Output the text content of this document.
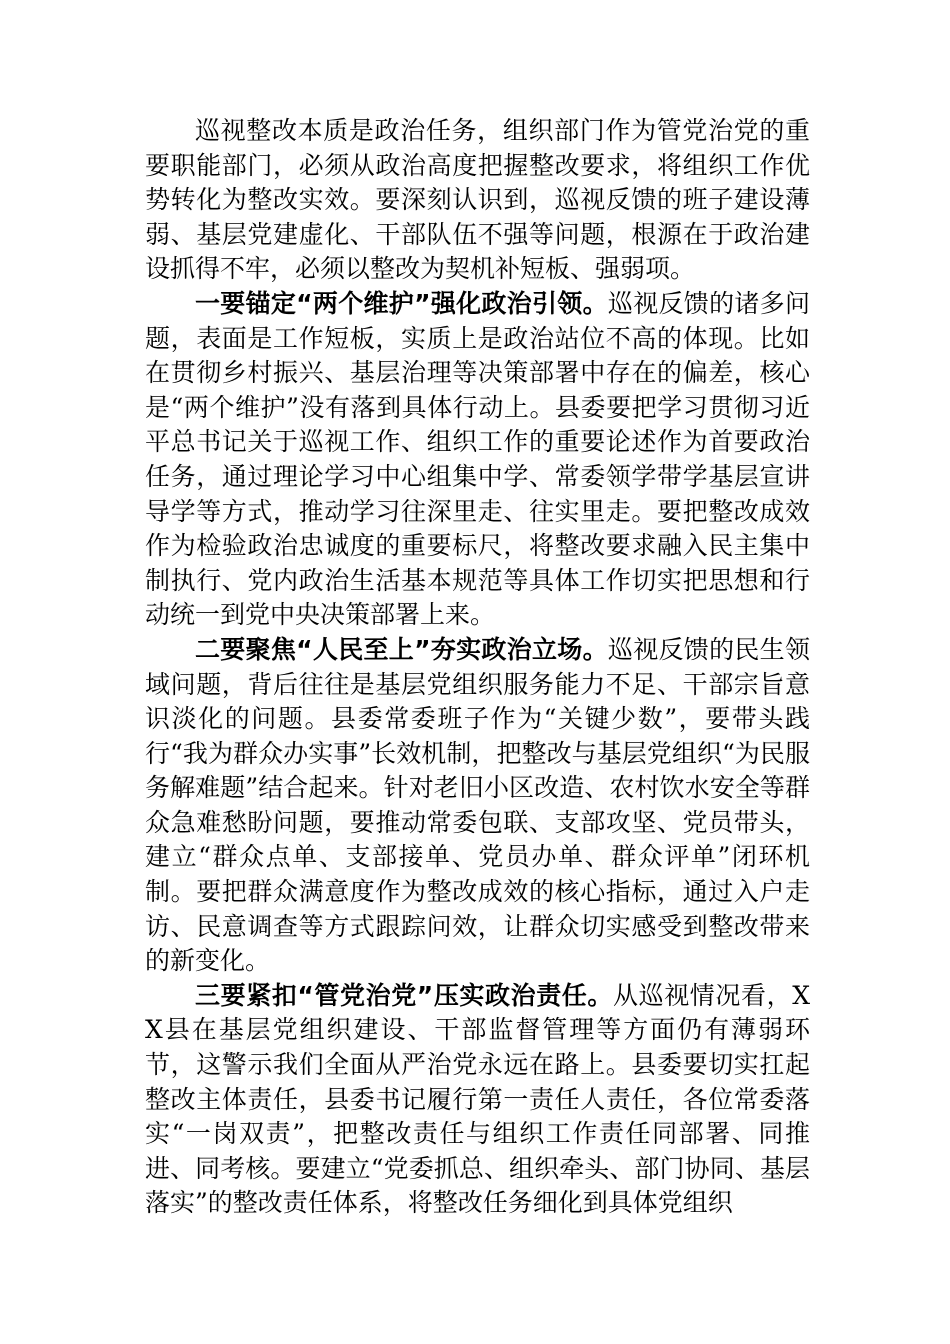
巡视整改本质是政治任务，组织部门作为管党治党的重要职能部门，必须从政治高度把握整改要求，将组织工作优势转化为整改实效。要深刻认识到，巡视反馈的班子建设薄弱、基层党建虚化、干部队伍不强等问题，根源在于政治建设抓得不牢，必须以整改为契机补短板、强弱项。

一要锚定“两个维护”强化政治引领。巡视反馈的诸多问题，表面是工作短板，实质上是政治站位不高的体现。比如在贯彻乡村振兴、基层治理等决策部署中存在的偏差，核心是“两个维护”没有落到具体行动上。县委要把学习贯彻习近平总书记关于巡视工作、组织工作的重要论述作为首要政治任务，通过理论学习中心组集中学、常委领学带学基层宣讲导学等方式，推动学习往深里走、往实里走。要把整改成效作为检验政治忠诚度的重要标尺，将整改要求融入民主集中制执行、党内政治生活基本规范等具体工作切实把思想和行动统一到党中央决策部署上来。

二要聚焦“人民至上”夯实政治立场。巡视反馈的民生领域问题，背后往往是基层党组织服务能力不足、干部宗旨意识淡化的问题。县委常委班子作为“关键少数”，要带头践行“我为群众办实事”长效机制，把整改与基层党组织“为民服务解难题”结合起来。针对老旧小区改造、农村饮水安全等群众急难愁盼问题，要推动常委包联、支部攻坚、党员带头，建立“群众点单、支部接单、党员办单、群众评单”闭环机制。要把群众满意度作为整改成效的核心指标，通过入户走访、民意调查等方式跟踪问效，让群众切实感受到整改带来的新变化。

三要紧扣“管党治党”压实政治责任。从巡视情况看，XX县在基层党组织建设、干部监督管理等方面仍有薄弱环节，这警示我们全面从严治党永远在路上。县委要切实扛起整改主体责任，县委书记履行第一责任人责任，各位常委落实“一岗双责”，把整改责任与组织工作责任同部署、同推进、同考核。要建立“党委抓总、组织牵头、部门协同、基层落实”的整改责任体系，将整改任务细化到具体党组织
